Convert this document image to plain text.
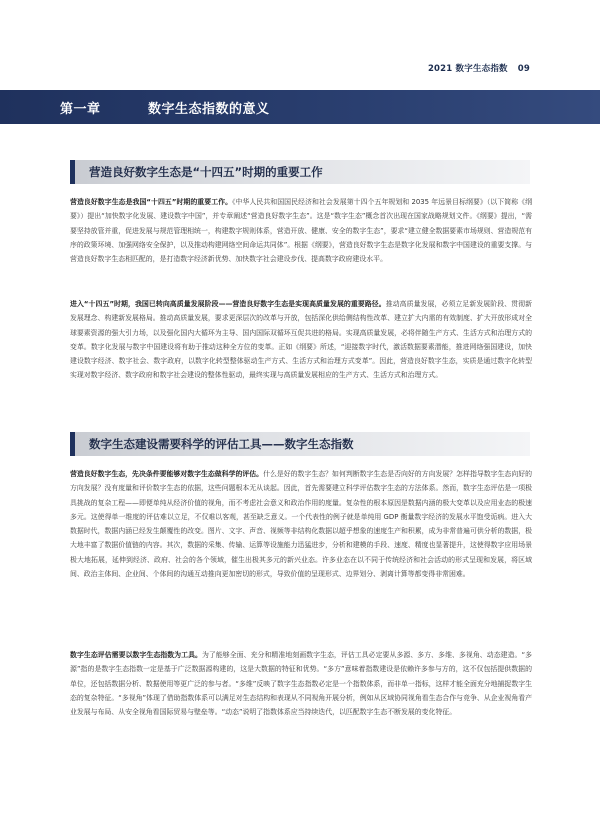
2021 数字生态指数 09
第一章	数字生态指数的意义
营造良好数字生态是“十四五”时期的重要工作

营造良好数字生态是我国“十四五”时期的重要工作。《中华人民共和国国民经济和社会发展第十四个五年规划和 2035 年远景目标纲要》（以下简称《纲要》）提出“加快数字化发展、建设数字中国”，并专章阐述“营造良好数字生态”。这是“数字生态”概念首次出现在国家战略规划文件。《纲要》提出，“需要坚持放管并重，促进发展与规范管理相统一，构建数字规则体系，营造开放、健康、安全的数字生态”，要求“建立健全数据要素市场规则、营造规范有序的政策环境、加强网络安全保护，以及推动构建网络空间命运共同体”。根据《纲要》，营造良好数字生态是数字化发展和数字中国建设的重要支撑。与营造良好数字生态相匹配的，是打造数字经济新优势、加快数字社会建设步伐、提高数字政府建设水平。

进入“十四五”时期，我国已转向高质量发展阶段——营造良好数字生态是实现高质量发展的重要路径。推动高质量发展，必须立足新发展阶段、贯彻新发展理念、构建新发展格局。推动高质量发展，要求更深层次的改革与开放，包括深化供给侧结构性改革、建立扩大内需的有效制度、扩大开放形成对全球要素资源的强大引力场，以及强化国内大循环为主导、国内国际双循环互促共进的格局。实现高质量发展，必将伴随生产方式、生活方式和治理方式的变革。数字化发展与数字中国建设将有助于推动这种全方位的变革。正如《纲要》所述，“迎接数字时代，激活数据要素潜能，推进网络强国建设，加快建设数字经济、数字社会、数字政府，以数字化转型整体驱动生产方式、生活方式和治理方式变革”。因此，营造良好数字生态，实质是通过数字化转型实现对数字经济、数字政府和数字社会建设的整体性驱动，最终实现与高质量发展相应的生产方式、生活方式和治理方式。

数字生态建设需要科学的评估工具——数字生态指数

营造良好数字生态，先决条件要能够对数字生态做科学的评估。什么是好的数字生态？如何判断数字生态是否向好的方向发展？怎样指导数字生态向好的方向发展？没有度量和评价数字生态的依据，这些问题根本无从谈起。因此，首先需要建立科学评估数字生态的方法体系。然而，数字生态评估是一项极具挑战的复杂工程——即便单纯从经济价值的视角，而不考虑社会意义和政治作用的度量。复杂性的根本原因是数据内涵的极大变革以及应用业态的极速多元。这使得单一维度的评估难以立足，不仅难以客观，甚至缺乏意义。一个代表性的例子就是单纯用 GDP 衡量数字经济的发展水平饱受诟病。进入大数据时代，数据内涵已经发生颠覆性的改变。图片、文字、声音、视频等非结构化数据以超乎想象的速度生产和积累，成为非常普遍可供分析的数据，极大地丰富了数据价值链的内容。其次，数据的采集、传输、运算等设施能力迅猛进步，分析和建模的手段、速度、精度也显著提升，这使得数字应用场景极大地拓展，延伸到经济、政府、社会的各个领域，催生出极其多元的新兴业态。许多业态在以不同于传统经济和社会活动的形式呈现和发展，将区域间、政治主体间、企业间、个体间的沟通互动推向更加密切的形式，导致价值的呈现形式、边界划分、剥离计算等都变得非常困难。

数字生态评估需要以数字生态指数为工具。为了能够全面、充分和精准地刻画数字生态，评估工具必定要从多源、多方、多维、多视角、动态建造。“多源”指的是数字生态指数一定是基于广泛数据源构建的，这是大数据的特征和优势。“多方”意味着指数建设是依赖许多参与方的，这不仅包括提供数据的单位，还包括数据分析、数据使用等更广泛的参与者。“多维”反映了数字生态指数必定是一个指数体系，而非单一指标，这样才能全面充分地捕捉数字生态的复杂特征。“多视角”体现了借助指数体系可以满足对生态结构和表现从不同视角开展分析，例如从区域协同视角看生态合作与竞争、从企业视角看产业发展与布局、从安全视角看国际贸易与壁垒等。“动态”说明了指数体系应当持续迭代，以匹配数字生态不断发展的变化特征。
